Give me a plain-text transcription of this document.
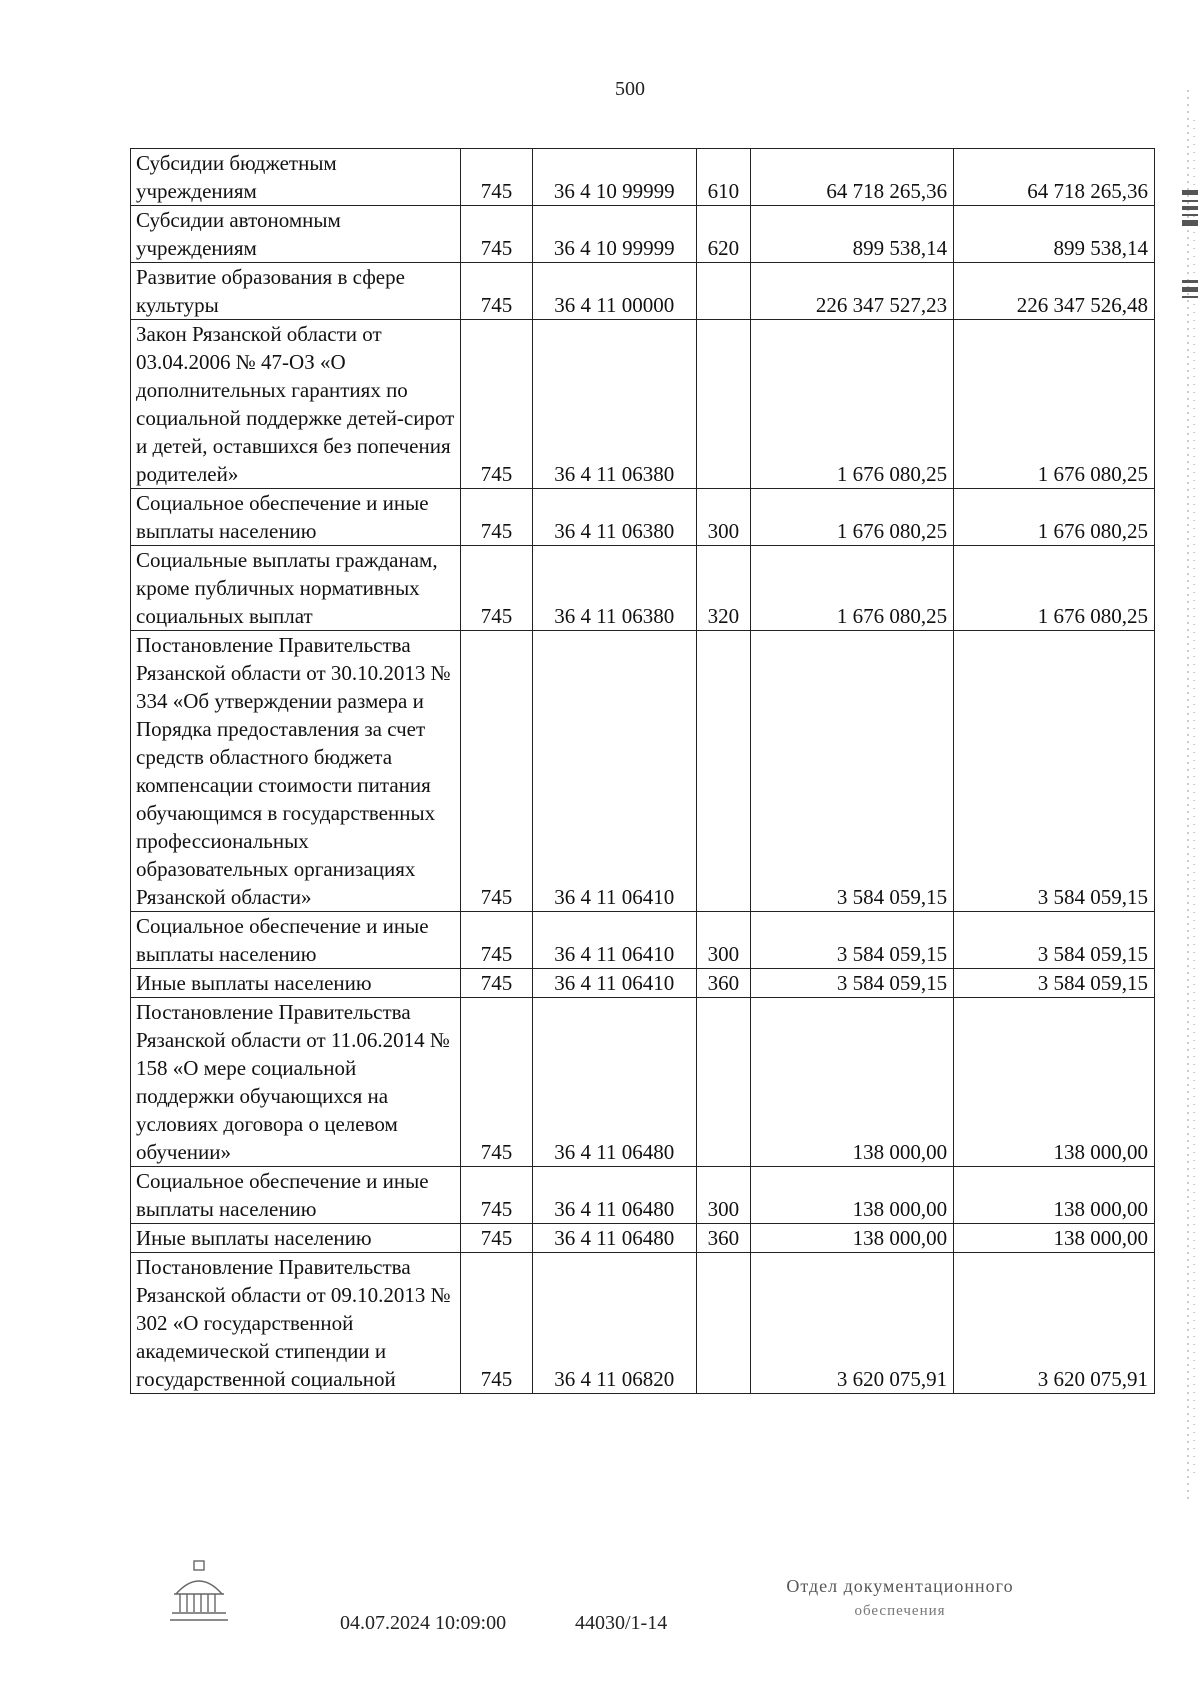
500
Субсидии бюджетным учреждениям	745	36 4 10 99999	610	64 718 265,36	64 718 265,36
Субсидии автономным учреждениям	745	36 4 10 99999	620	899 538,14	899 538,14
Развитие образования в сфере культуры	745	36 4 11 00000		226 347 527,23	226 347 526,48
Закон Рязанской области от 03.04.2006 № 47-ОЗ «О дополнительных гарантиях по социальной поддержке детей-сирот и детей, оставшихся без попечения родителей»	745	36 4 11 06380		1 676 080,25	1 676 080,25
Социальное обеспечение и иные выплаты населению	745	36 4 11 06380	300	1 676 080,25	1 676 080,25
Социальные выплаты гражданам, кроме публичных нормативных социальных выплат	745	36 4 11 06380	320	1 676 080,25	1 676 080,25
Постановление Правительства Рязанской области от 30.10.2013 № 334 «Об утверждении размера и Порядка предоставления за счет средств областного бюджета компенсации стоимости питания обучающимся в государственных профессиональных образовательных организациях Рязанской области»	745	36 4 11 06410		3 584 059,15	3 584 059,15
Социальное обеспечение и иные выплаты населению	745	36 4 11 06410	300	3 584 059,15	3 584 059,15
Иные выплаты населению	745	36 4 11 06410	360	3 584 059,15	3 584 059,15
Постановление Правительства Рязанской области от 11.06.2014 № 158 «О мере социальной поддержки обучающихся на условиях договора о целевом обучении»	745	36 4 11 06480		138 000,00	138 000,00
Социальное обеспечение и иные выплаты населению	745	36 4 11 06480	300	138 000,00	138 000,00
Иные выплаты населению	745	36 4 11 06480	360	138 000,00	138 000,00
Постановление Правительства Рязанской области от 09.10.2013 № 302 «О государственной академической стипендии и государственной социальной	745	36 4 11 06820		3 620 075,91	3 620 075,91
04.07.2024 10:09:00	44030/1-14
Отдел документационного
обеспечения
